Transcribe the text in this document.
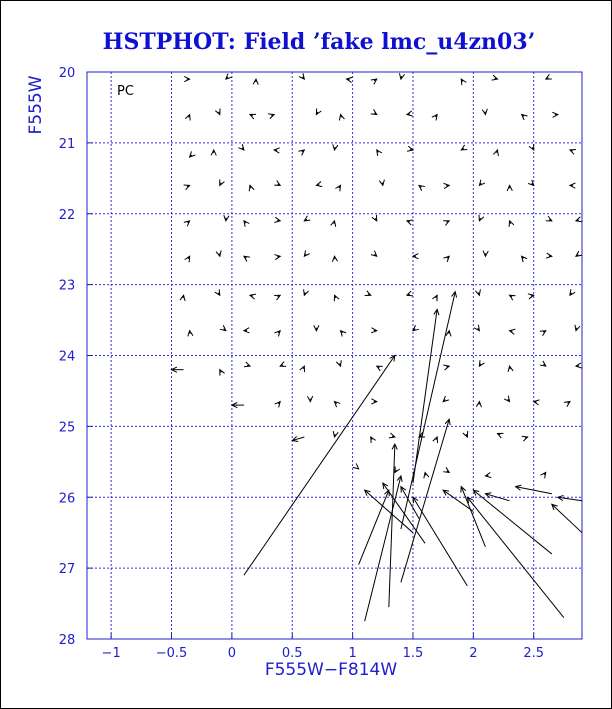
HSTPHOT: Field ’fake lmc_u4zn03’
−1	−0.5	0	0.5	1	1.5	2	2.5
20
21
22
23
24
25
26
27
28
PC
F555W−F814W
F555W
